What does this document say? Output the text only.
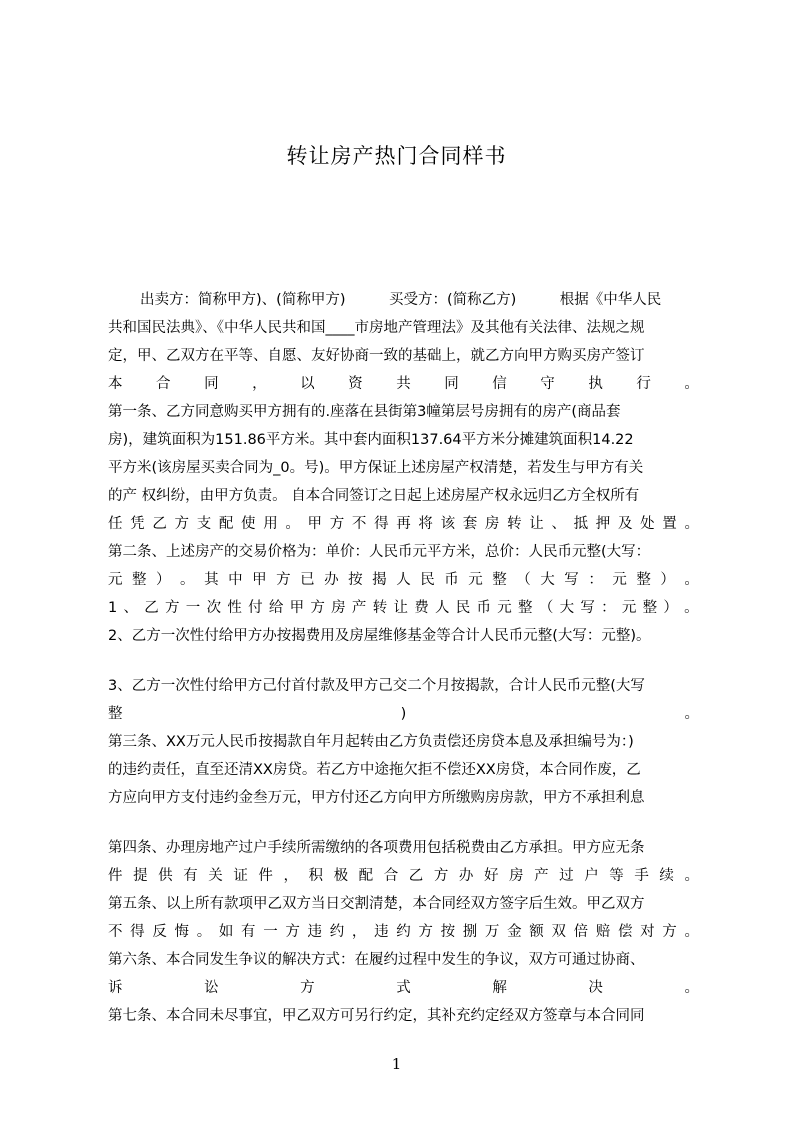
转让房产热门合同样书
出卖方：简称甲方)、(简称甲方)　　　买受方：(简称乙方)　　　根据《中华人民
共和国民法典》、《中华人民共和国____市房地产管理法》及其他有关法律、法规之规
定，甲、乙双方在平等、自愿、友好协商一致的基础上，就乙方向甲方购买房产签订
本 合 同 ， 以 资 共 同 信 守 执 行 。
第一条、乙方同意购买甲方拥有的.座落在县街第3幢第层号房拥有的房产(商品套
房)，建筑面积为151.86平方米。其中套内面积137.64平方米分摊建筑面积14.22
平方米(该房屋买卖合同为_0。号)。甲方保证上述房屋产权清楚，若发生与甲方有关
的产 权纠纷，由甲方负责。 自本合同签订之日起上述房屋产权永远归乙方全权所有
任 凭 乙 方 支 配 使 用 。 甲 方 不 得 再 将 该 套 房 转 让 、 抵 押 及 处 置 。
第二条、上述房产的交易价格为：单价：人民币元平方米，总价：人民币元整(大写：
元 整 ） 。 其 中 甲 方 已 办 按 揭 人 民 币 元 整 （ 大 写 ： 元 整 ） 。
1 、 乙 方 一 次 性 付 给 甲 方 房 产 转 让 费 人 民 币 元 整 （ 大 写 ： 元 整 ） 。
2、乙方一次性付给甲方办按揭费用及房屋维修基金等合计人民币元整(大写：元整)。
3、乙方一次性付给甲方己付首付款及甲方己交二个月按揭款，合计人民币元整(大写
整	)	。
第三条、XX万元人民币按揭款自年月起转由乙方负责偿还房贷本息及承担编号为：)
的违约责任，直至还清XX房贷。若乙方中途拖欠拒不偿还XX房贷，本合同作废，乙
方应向甲方支付违约金叁万元，甲方付还乙方向甲方所缴购房房款，甲方不承担利息
第四条、办理房地产过户手续所需缴纳的各项费用包括税费由乙方承担。甲方应无条
件 提 供 有 关 证 件 ， 积 极 配 合 乙 方 办 好 房 产 过 户 等 手 续 。
第五条、以上所有款项甲乙双方当日交割清楚，本合同经双方签字后生效。甲乙双方
不 得 反 悔 。 如 有 一 方 违 约 ， 违 约 方 按 捌 万 金 额 双 倍 赔 偿 对 方 。
第六条、本合同发生争议的解决方式：在履约过程中发生的争议，双方可通过协商、
诉	讼	方	式	解	决	。
第七条、本合同未尽事宜，甲乙双方可另行约定，其补充约定经双方签章与本合同同
1
